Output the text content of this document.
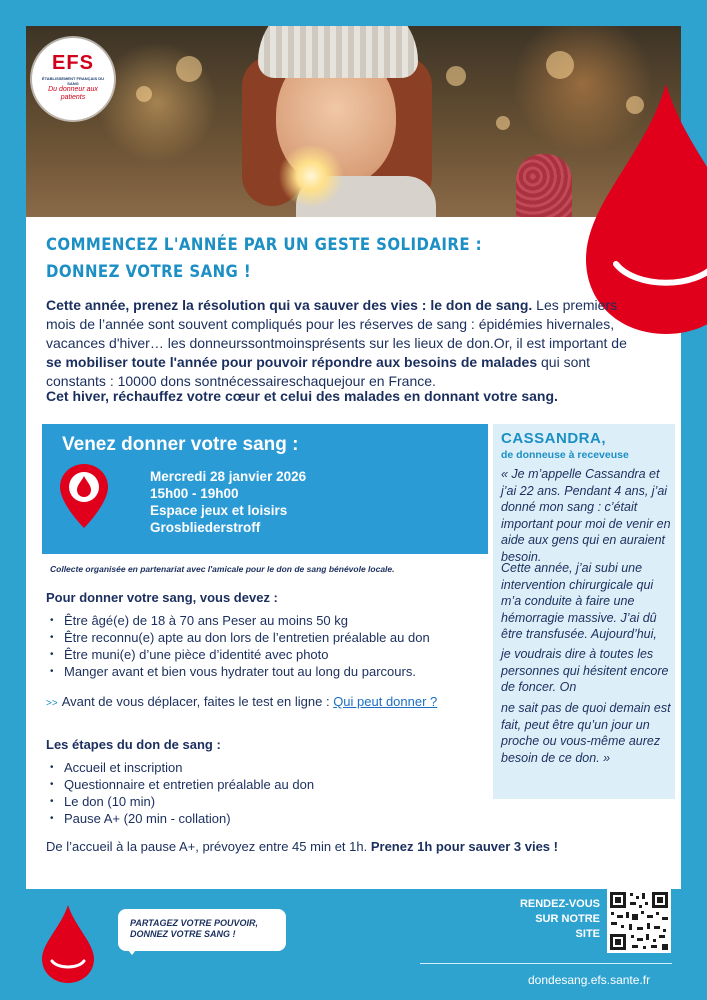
EFS
ÉTABLISSEMENT FRANÇAIS DU SANG
Du donneur aux patients
COMMENCEZ L'ANNÉE PAR UN GESTE SOLIDAIRE :
DONNEZ VOTRE SANG !
Cette année, prenez la résolution qui va sauver des vies : le don de sang. Les premiers mois de l’année sont souvent compliqués pour les réserves de sang : épidémies hivernales, vacances d'hiver… les donneurssontmoinsprésents sur les lieux de don.Or, il est important de se mobiliser toute l'année pour pouvoir répondre aux besoins de malades qui sont constants : 10000 dons sontnécessaireschaquejour en France.
Cet hiver, réchauffez votre cœur et celui des malades en donnant votre sang.
Venez donner votre sang :
Mercredi 28 janvier 2026
15h00 - 19h00
Espace jeux et loisirs
Grosbliederstroff
Collecte organisée en partenariat avec l'amicale pour le don de sang bénévole locale.
Pour donner votre sang, vous devez :
• Être âgé(e) de 18 à 70 ans Peser au moins 50 kg
• Être reconnu(e) apte au don lors de l’entretien préalable au don
• Être muni(e) d’une pièce d’identité avec photo
• Manger avant et bien vous hydrater tout au long du parcours.
>> Avant de vous déplacer, faites le test en ligne : Qui peut donner ?
Les étapes du don de sang :
• Accueil et inscription
• Questionnaire et entretien préalable au don
• Le don (10 min)
• Pause A+ (20 min - collation)
De l’accueil à la pause A+, prévoyez entre 45 min et 1h. Prenez 1h pour sauver 3 vies !
CASSANDRA,
de donneuse à receveuse
« Je m’appelle Cassandra et j’ai 22 ans. Pendant 4 ans, j’ai donné mon sang : c’était important pour moi de venir en aide aux gens qui en auraient besoin.
Cette année, j’ai subi une intervention chirurgicale qui m’a conduite à faire une hémorragie massive. J’ai dû être transfusée. Aujourd’hui,
je voudrais dire à toutes les personnes qui hésitent encore de foncer. On
ne sait pas de quoi demain est fait, peut être qu’un jour un proche ou vous-même aurez besoin de ce don. »
PARTAGEZ VOTRE POUVOIR,
DONNEZ VOTRE SANG !
RENDEZ-VOUS
SUR NOTRE SITE
dondesang.efs.sante.fr
